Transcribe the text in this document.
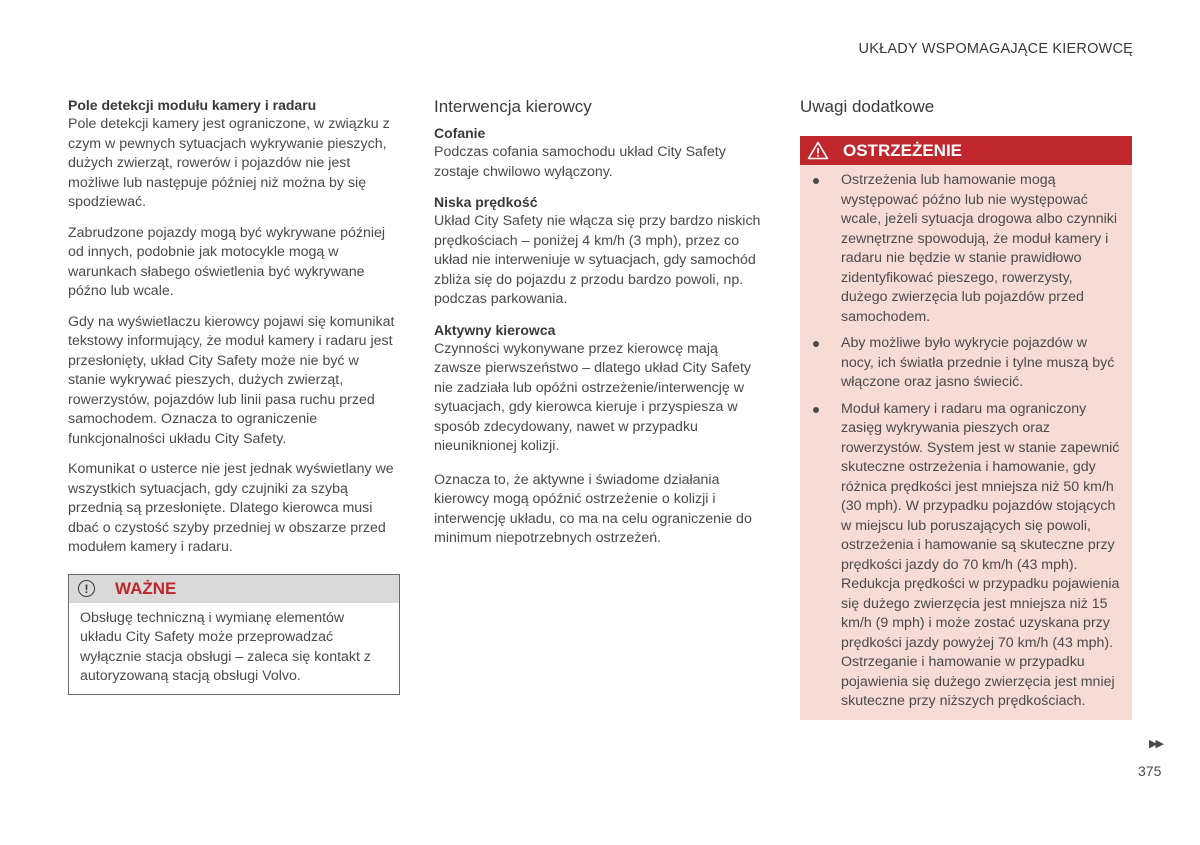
UKŁADY WSPOMAGAJĄCE KIEROWCĘ
Pole detekcji modułu kamery i radaru

Pole detekcji kamery jest ograniczone, w związku z czym w pewnych sytuacjach wykrywanie pieszych, dużych zwierząt, rowerów i pojazdów nie jest możliwe lub następuje później niż można by się spodziewać.

Zabrudzone pojazdy mogą być wykrywane później od innych, podobnie jak motocykle mogą w warunkach słabego oświetlenia być wykrywane późno lub wcale.

Gdy na wyświetlaczu kierowcy pojawi się komunikat tekstowy informujący, że moduł kamery i radaru jest przesłonięty, układ City Safety może nie być w stanie wykrywać pieszych, dużych zwierząt, rowerzystów, pojazdów lub linii pasa ruchu przed samochodem. Oznacza to ograniczenie funkcjonalności układu City Safety.

Komunikat o usterce nie jest jednak wyświetlany we wszystkich sytuacjach, gdy czujniki za szybą przednią są przesłonięte. Dlatego kierowca musi dbać o czystość szyby przedniej w obszarze przed modułem kamery i radaru.

!	WAŻNE

Obsługę techniczną i wymianę elementów układu City Safety może przeprowadzać wyłącznie stacja obsługi – zaleca się kontakt z autoryzowaną stacją obsługi Volvo.

Interwencja kierowcy
Cofanie

Podczas cofania samochodu układ City Safety zostaje chwilowo wyłączony.

Niska prędkość

Układ City Safety nie włącza się przy bardzo niskich prędkościach – poniżej 4 km/h (3 mph), przez co układ nie interweniuje w sytuacjach, gdy samochód zbliża się do pojazdu z przodu bardzo powoli, np. podczas parkowania.

Aktywny kierowca

Czynności wykonywane przez kierowcę mają zawsze pierwszeństwo – dlatego układ City Safety nie zadziała lub opóźni ostrzeżenie/interwencję w sytuacjach, gdy kierowca kieruje i przyspiesza w sposób zdecydowany, nawet w przypadku nieuniknionej kolizji.

Oznacza to, że aktywne i świadome działania kierowcy mogą opóźnić ostrzeżenie o kolizji i interwencję układu, co ma na celu ograniczenie do minimum niepotrzebnych ostrzeżeń.

Uwagi dodatkowe
OSTRZEŻENIE
Ostrzeżenia lub hamowanie mogą występować późno lub nie występować wcale, jeżeli sytuacja drogowa albo czynniki zewnętrzne spowodują, że moduł kamery i radaru nie będzie w stanie prawidłowo zidentyfikować pieszego, rowerzysty, dużego zwierzęcia lub pojazdów przed samochodem.
Aby możliwe było wykrycie pojazdów w nocy, ich światła przednie i tylne muszą być włączone oraz jasno świecić.
Moduł kamery i radaru ma ograniczony zasięg wykrywania pieszych oraz rowerzystów. System jest w stanie zapewnić skuteczne ostrzeżenia i hamowanie, gdy różnica prędkości jest mniejsza niż 50 km/h (30 mph). W przypadku pojazdów stojących w miejscu lub poruszających się powoli, ostrzeżenia i hamowanie są skuteczne przy prędkości jazdy do 70 km/h (43 mph). Redukcja prędkości w przypadku pojawienia się dużego zwierzęcia jest mniejsza niż 15 km/h (9 mph) i może zostać uzyskana przy prędkości jazdy powyżej 70 km/h (43 mph). Ostrzeganie i hamowanie w przypadku pojawienia się dużego zwierzęcia jest mniej skuteczne przy niższych prędkościach.
▶▶
375
